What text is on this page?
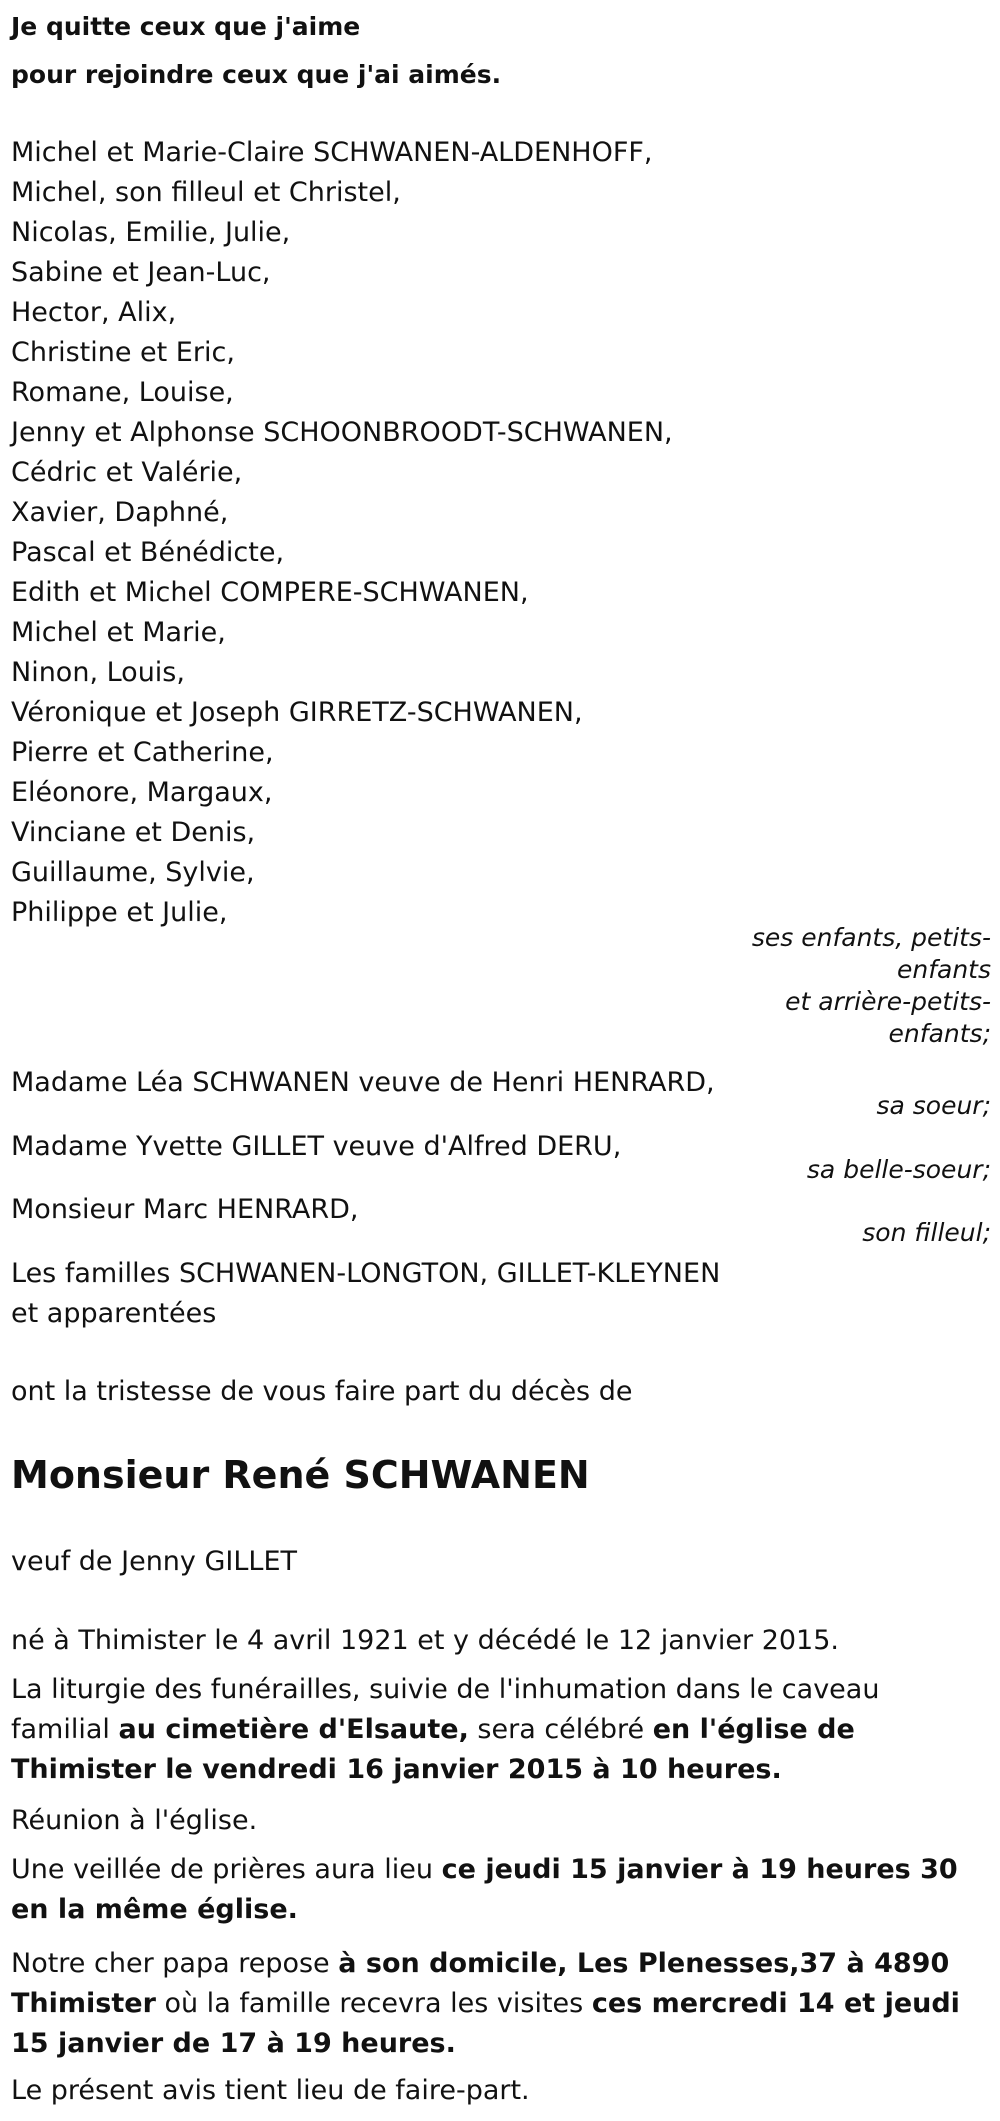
Je quitte ceux que j'aime
pour rejoindre ceux que j'ai aimés.
Michel et Marie-Claire SCHWANEN-ALDENHOFF,
Michel, son filleul et Christel,
Nicolas, Emilie, Julie,
Sabine et Jean-Luc,
Hector, Alix,
Christine et Eric,
Romane, Louise,
Jenny et Alphonse SCHOONBROODT-SCHWANEN,
Cédric et Valérie,
Xavier, Daphné,
Pascal et Bénédicte,
Edith et Michel COMPERE-SCHWANEN,
Michel et Marie,
Ninon, Louis,
Véronique et Joseph GIRRETZ-SCHWANEN,
Pierre et Catherine,
Eléonore, Margaux,
Vinciane et Denis,
Guillaume, Sylvie,
Philippe et Julie,
ses enfants, petits-enfants
et arrière-petits-enfants;
Madame Léa SCHWANEN veuve de Henri HENRARD,
sa soeur;
Madame Yvette GILLET veuve d'Alfred DERU,
sa belle-soeur;
Monsieur Marc HENRARD,
son filleul;
Les familles SCHWANEN-LONGTON, GILLET-KLEYNEN
et apparentées
ont la tristesse de vous faire part du décès de
Monsieur René SCHWANEN
veuf de Jenny GILLET
né à Thimister le 4 avril 1921 et y décédé le 12 janvier 2015.
La liturgie des funérailles, suivie de l'inhumation dans le caveau familial au cimetière d'Elsaute, sera célébré en l'église de Thimister le vendredi 16 janvier 2015 à 10 heures.
Réunion à l'église.
Une veillée de prières aura lieu ce jeudi 15 janvier à 19 heures 30 en la même église.
Notre cher papa repose à son domicile, Les Plenesses,37 à 4890 Thimister où la famille recevra les visites ces mercredi 14 et jeudi 15 janvier de 17 à 19 heures.
Le présent avis tient lieu de faire-part.
